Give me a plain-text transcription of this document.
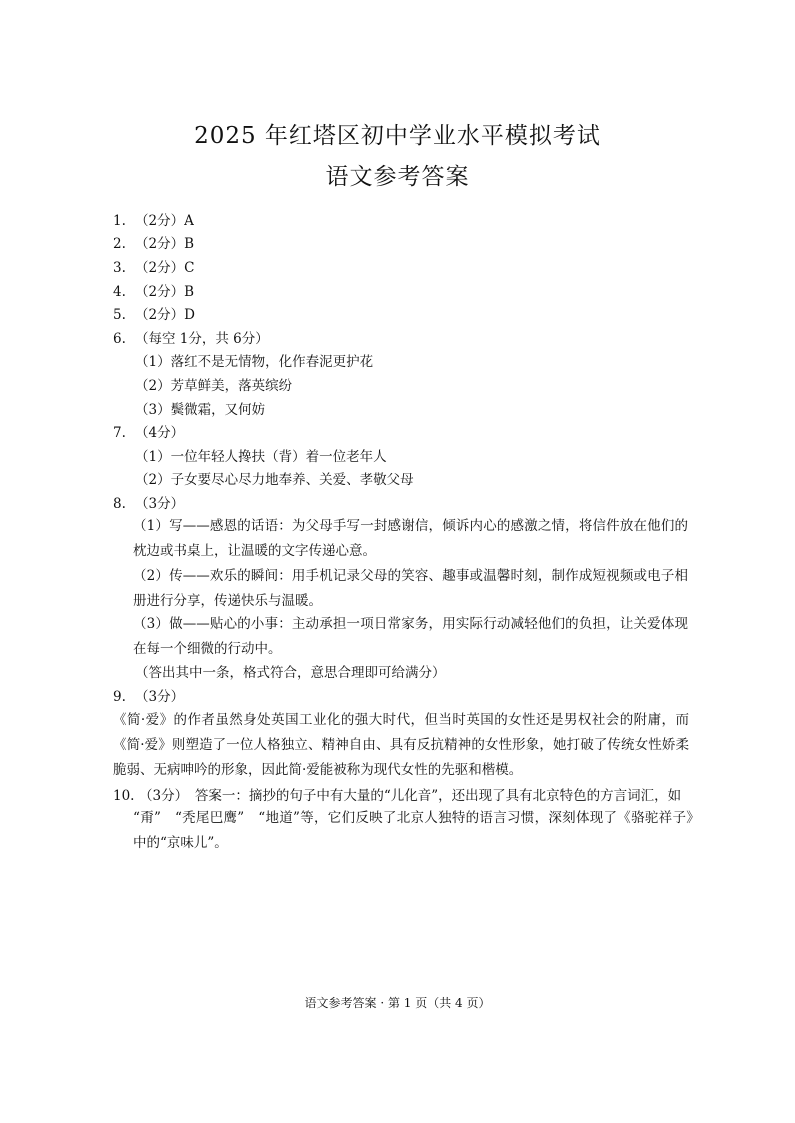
2025 年红塔区初中学业水平模拟考试
语文参考答案
1. （2分）A
2. （2分）B
3. （2分）C
4. （2分）B
5. （2分）D
6. （每空 1分，共 6分）
（1）落红不是无情物，化作春泥更护花
（2）芳草鲜美，落英缤纷
（3）鬓微霜，又何妨
7. （4分）
（1）一位年轻人搀扶（背）着一位老年人
（2）子女要尽心尽力地奉养、关爱、孝敬父母
8. （3分）
（1）写——感恩的话语：为父母手写一封感谢信，倾诉内心的感激之情，将信件放在他们的枕边或书桌上，让温暖的文字传递心意。
（2）传——欢乐的瞬间：用手机记录父母的笑容、趣事或温馨时刻，制作成短视频或电子相册进行分享，传递快乐与温暖。
（3）做——贴心的小事：主动承担一项日常家务，用实际行动减轻他们的负担，让关爱体现在每一个细微的行动中。
（答出其中一条，格式符合，意思合理即可给满分）
9. （3分）
《简·爱》的作者虽然身处英国工业化的强大时代，但当时英国的女性还是男权社会的附庸，而《简·爱》则塑造了一位人格独立、精神自由、具有反抗精神的女性形象，她打破了传统女性娇柔脆弱、无病呻吟的形象，因此简·爱能被称为现代女性的先驱和楷模。
10. （3分）　答案一：摘抄的句子中有大量的“儿化音”，还出现了具有北京特色的方言词汇，如
“甭”　“秃尾巴鹰”　“地道”等，它们反映了北京人独特的语言习惯，深刻体现了《骆驼祥子》　中的“京味儿”。
语文参考答案 · 第 1 页（共 4 页）
